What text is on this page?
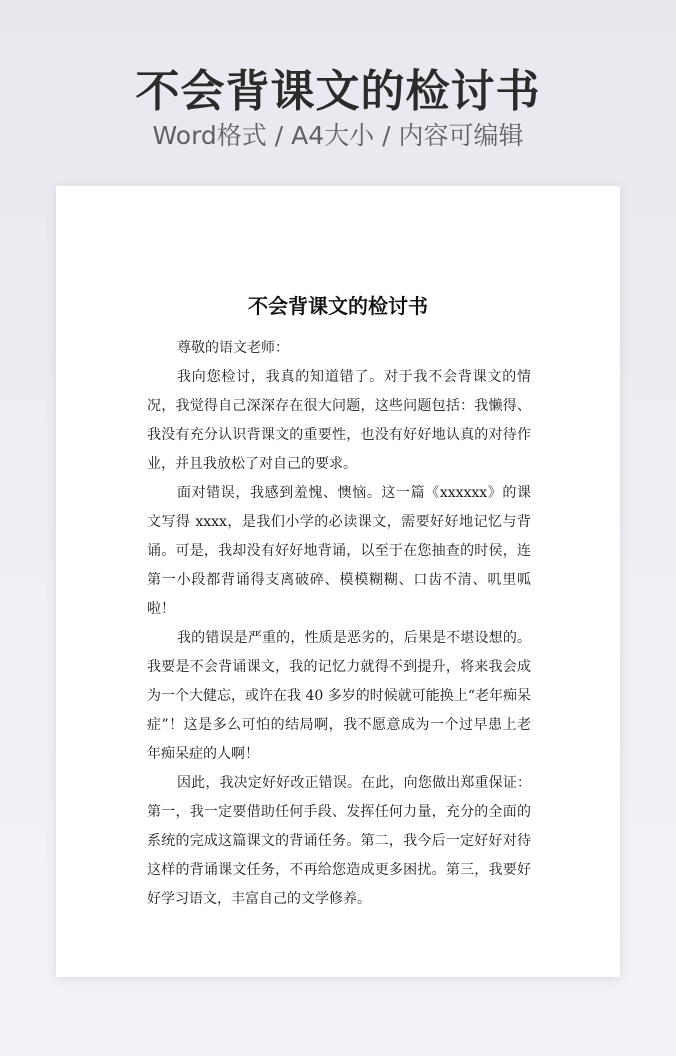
不会背课文的检讨书
Word格式 / A4大小 / 内容可编辑
不会背课文的检讨书

尊敬的语文老师：

我向您检讨，我真的知道错了。对于我不会背课文的情况，我觉得自己深深存在很大问题，这些问题包括：我懒得、我没有充分认识背课文的重要性，也没有好好地认真的对待作业，并且我放松了对自己的要求。

面对错误，我感到羞愧、懊恼。这一篇《xxxxxx》的课文写得 xxxx，是我们小学的必读课文，需要好好地记忆与背诵。可是，我却没有好好地背诵，以至于在您抽查的时侯，连第一小段都背诵得支离破碎、模模糊糊、口齿不清、叽里呱啦！

我的错误是严重的，性质是恶劣的，后果是不堪设想的。我要是不会背诵课文，我的记忆力就得不到提升，将来我会成为一个大健忘，或许在我 40 多岁的时候就可能换上“老年痴呆症”！这是多么可怕的结局啊，我不愿意成为一个过早患上老年痴呆症的人啊！

因此，我决定好好改正错误。在此，向您做出郑重保证：第一，我一定要借助任何手段、发挥任何力量，充分的全面的系统的完成这篇课文的背诵任务。第二，我今后一定好好对待这样的背诵课文任务，不再给您造成更多困扰。第三，我要好好学习语文，丰富自己的文学修养。
